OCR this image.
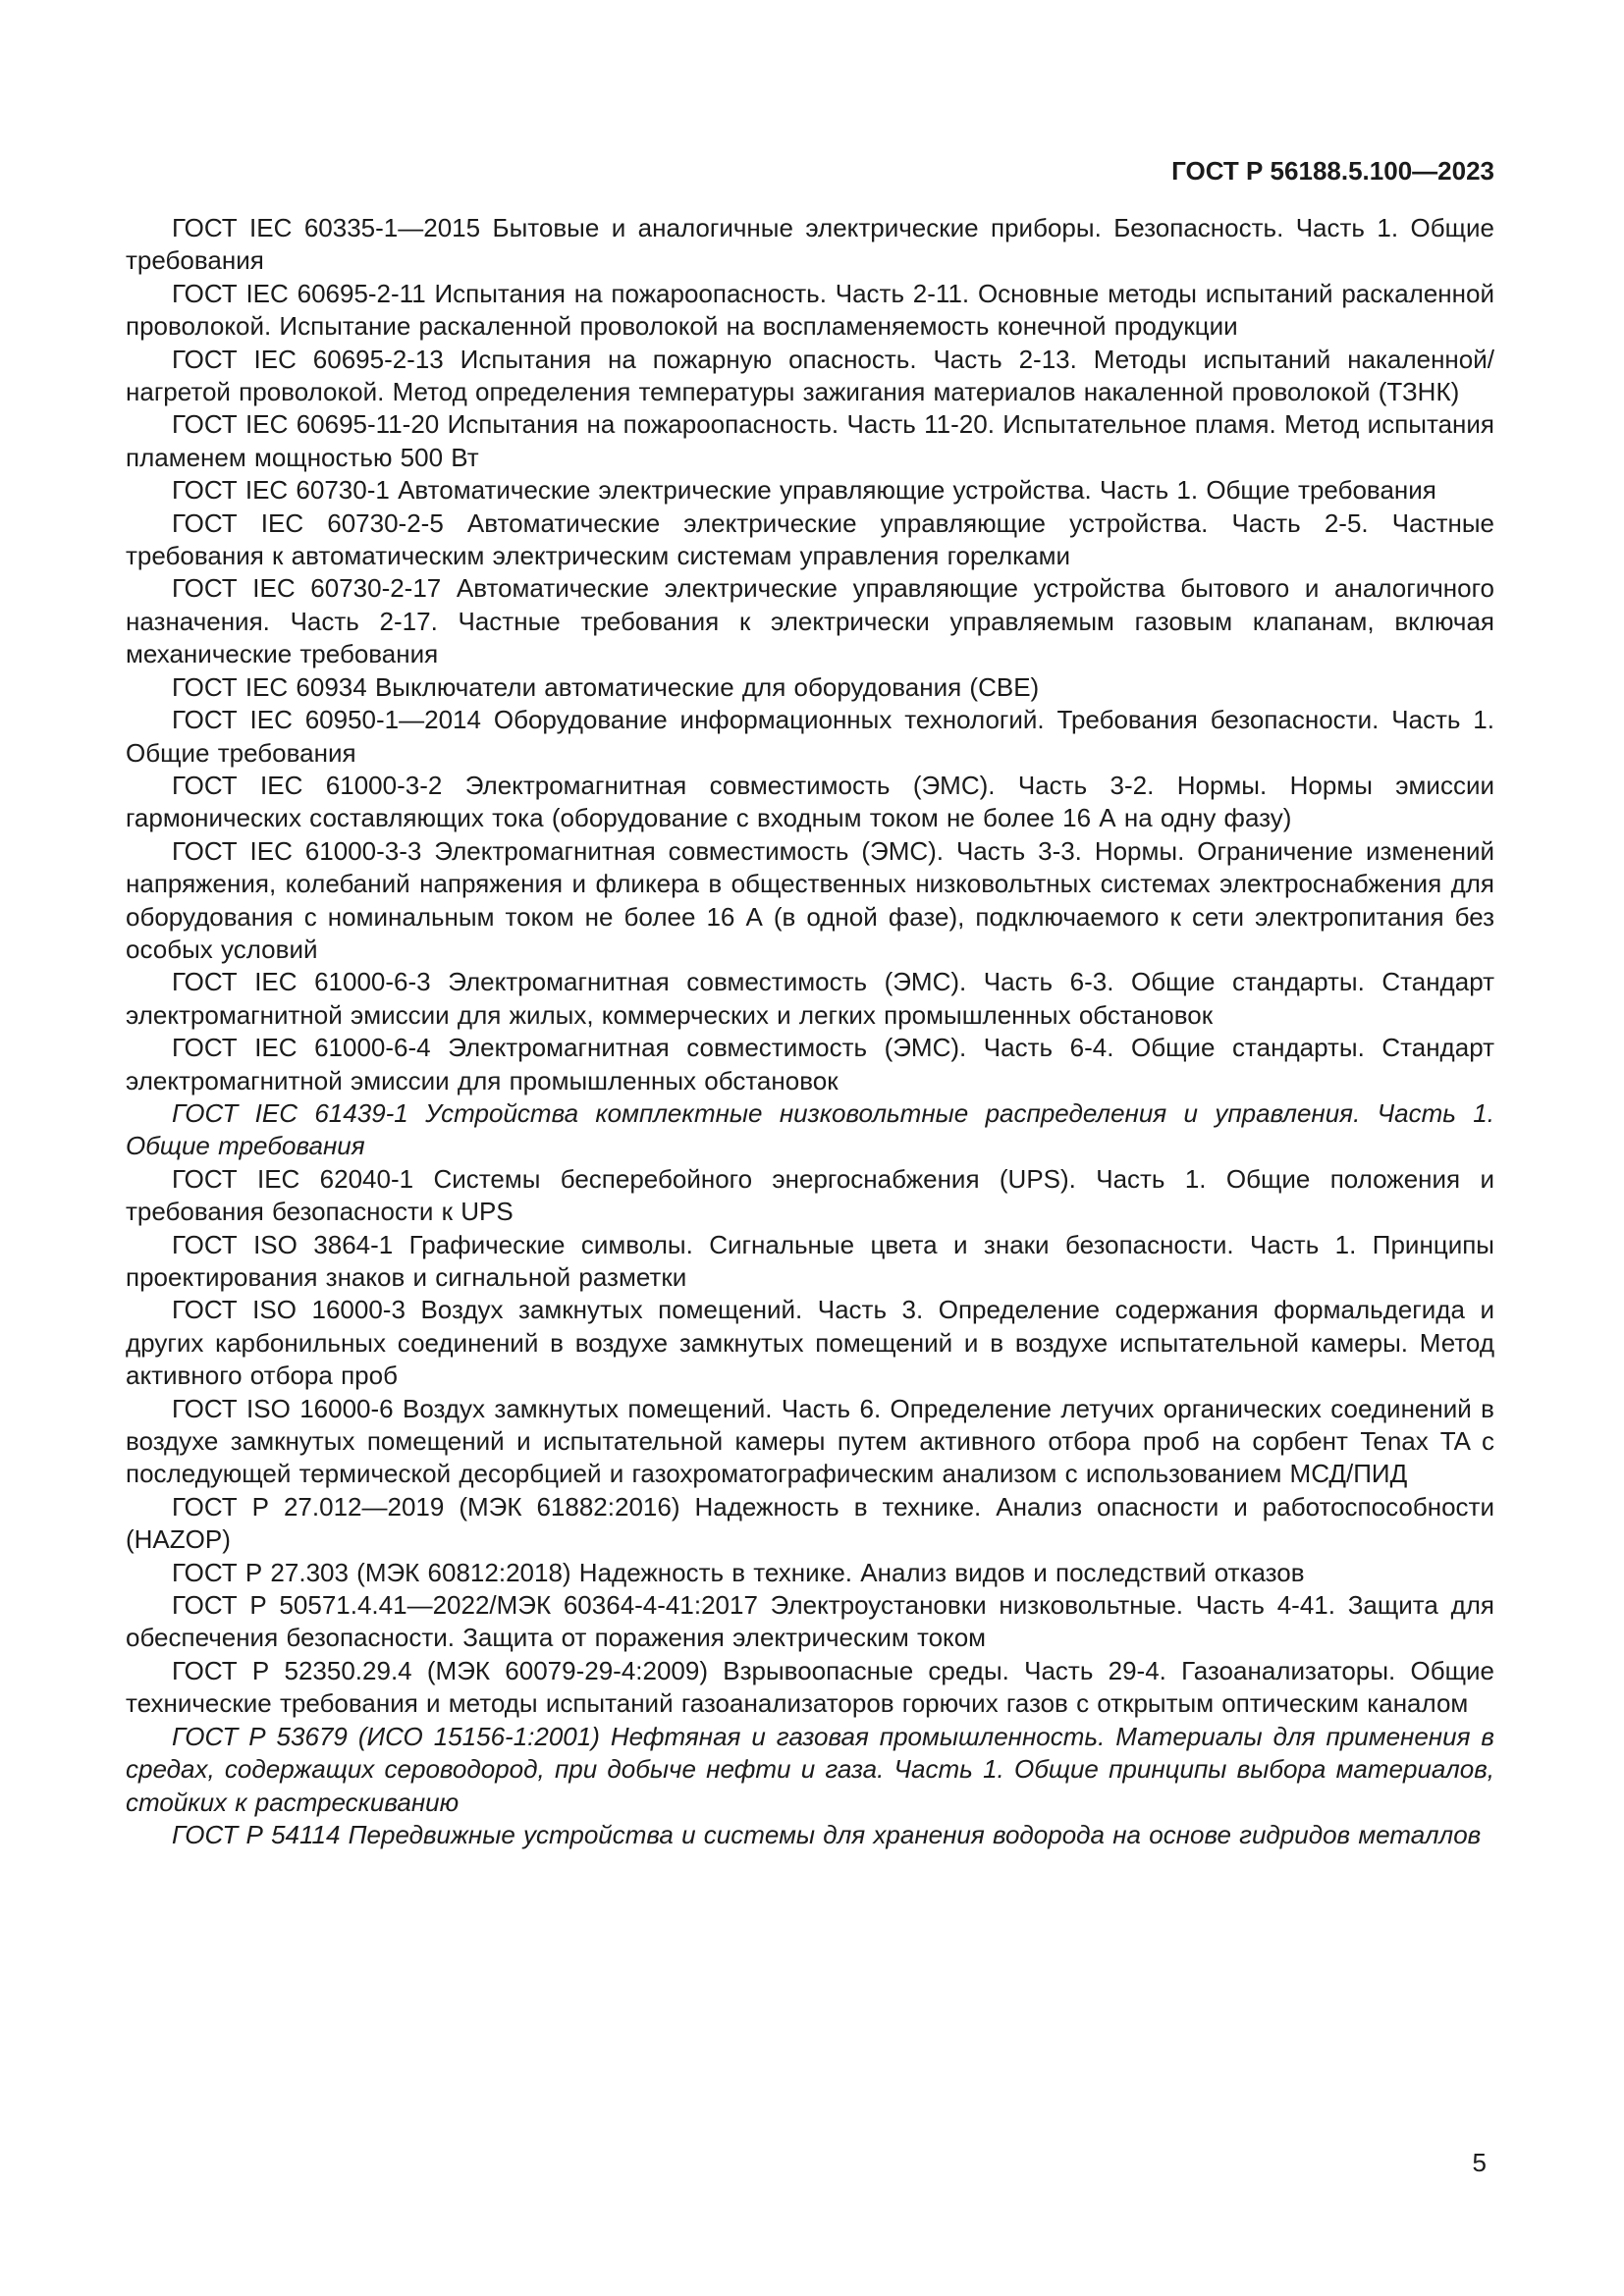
ГОСТ Р 56188.5.100—2023

ГОСТ IEC 60335-1—2015 Бытовые и аналогичные электрические приборы. Безопасность. Часть 1. Общие требования

ГОСТ IEC 60695-2-11 Испытания на пожароопасность. Часть 2-11. Основные методы испытаний раскаленной проволокой. Испытание раскаленной проволокой на воспламеняемость конечной продукции

ГОСТ IEC 60695-2-13 Испытания на пожарную опасность. Часть 2-13. Методы испытаний накаленной/нагретой проволокой. Метод определения температуры зажигания материалов накаленной проволокой (ТЗНК)

ГОСТ IEC 60695-11-20 Испытания на пожароопасность. Часть 11-20. Испытательное пламя. Метод испытания пламенем мощностью 500 Вт

ГОСТ IEC 60730-1 Автоматические электрические управляющие устройства. Часть 1. Общие требования

ГОСТ IEC 60730-2-5 Автоматические электрические управляющие устройства. Часть 2-5. Частные требования к автоматическим электрическим системам управления горелками

ГОСТ IEC 60730-2-17 Автоматические электрические управляющие устройства бытового и аналогичного назначения. Часть 2-17. Частные требования к электрически управляемым газовым клапанам, включая механические требования

ГОСТ IEC 60934 Выключатели автоматические для оборудования (CBE)

ГОСТ IEC 60950-1—2014 Оборудование информационных технологий. Требования безопасности. Часть 1. Общие требования

ГОСТ IEC 61000-3-2 Электромагнитная совместимость (ЭМС). Часть 3-2. Нормы. Нормы эмиссии гармонических составляющих тока (оборудование с входным током не более 16 А на одну фазу)

ГОСТ IEC 61000-3-3 Электромагнитная совместимость (ЭМС). Часть 3-3. Нормы. Ограничение изменений напряжения, колебаний напряжения и фликера в общественных низковольтных системах электроснабжения для оборудования с номинальным током не более 16 А (в одной фазе), подключаемого к сети электропитания без особых условий

ГОСТ IEC 61000-6-3 Электромагнитная совместимость (ЭМС). Часть 6-3. Общие стандарты. Стандарт электромагнитной эмиссии для жилых, коммерческих и легких промышленных обстановок

ГОСТ IEC 61000-6-4 Электромагнитная совместимость (ЭМС). Часть 6-4. Общие стандарты. Стандарт электромагнитной эмиссии для промышленных обстановок

ГОСТ IEC 61439-1 Устройства комплектные низковольтные распределения и управления. Часть 1. Общие требования

ГОСТ IEC 62040-1 Системы бесперебойного энергоснабжения (UPS). Часть 1. Общие положения и требования безопасности к UPS

ГОСТ ISO 3864-1 Графические символы. Сигнальные цвета и знаки безопасности. Часть 1. Принципы проектирования знаков и сигнальной разметки

ГОСТ ISO 16000-3 Воздух замкнутых помещений. Часть 3. Определение содержания формальдегида и других карбонильных соединений в воздухе замкнутых помещений и в воздухе испытательной камеры. Метод активного отбора проб

ГОСТ ISO 16000-6 Воздух замкнутых помещений. Часть 6. Определение летучих органических соединений в воздухе замкнутых помещений и испытательной камеры путем активного отбора проб на сорбент Tenax TA с последующей термической десорбцией и газохроматографическим анализом с использованием МСД/ПИД

ГОСТ Р 27.012—2019 (МЭК 61882:2016) Надежность в технике. Анализ опасности и работоспособности (HAZOP)

ГОСТ Р 27.303 (МЭК 60812:2018) Надежность в технике. Анализ видов и последствий отказов

ГОСТ Р 50571.4.41—2022/МЭК 60364-4-41:2017 Электроустановки низковольтные. Часть 4-41. Защита для обеспечения безопасности. Защита от поражения электрическим током

ГОСТ Р 52350.29.4 (МЭК 60079-29-4:2009) Взрывоопасные среды. Часть 29-4. Газоанализаторы. Общие технические требования и методы испытаний газоанализаторов горючих газов с открытым оптическим каналом

ГОСТ Р 53679 (ИСО 15156-1:2001) Нефтяная и газовая промышленность. Материалы для применения в средах, содержащих сероводород, при добыче нефти и газа. Часть 1. Общие принципы выбора материалов, стойких к растрескиванию

ГОСТ Р 54114 Передвижные устройства и системы для хранения водорода на основе гидридов металлов

5
